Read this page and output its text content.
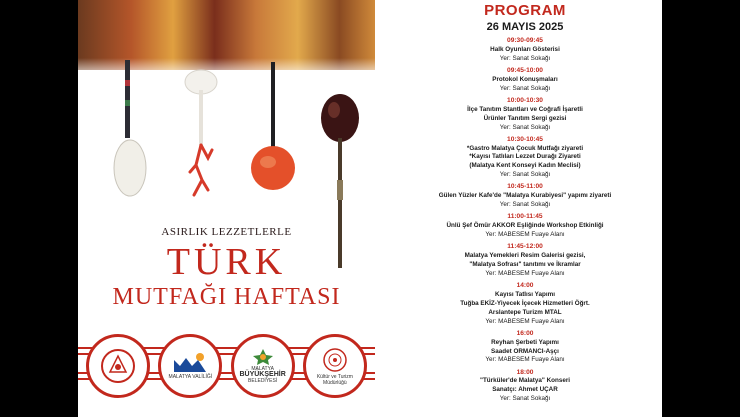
ASIRLIK LEZZETLERLE
TÜRK
MUTFAĞI HAFTASI
MALATYA VALİLİĞİ
MALATYA
BÜYÜKŞEHİR
BELEDİYESİ
Kültür ve Turizm Müdürlüğü
PROGRAM
26 MAYIS 2025
09:30-09:45
Halk Oyunları Gösterisi
Yer: Sanat Sokağı
09:45-10:00
Protokol Konuşmaları
Yer: Sanat Sokağı
10:00-10:30
İlçe Tanıtım Stantları ve Coğrafi İşaretli
Ürünler Tanıtım Sergi gezisi
Yer: Sanat Sokağı
10:30-10:45
*Gastro Malatya Çocuk Mutfağı ziyareti
*Kayısı Tatlıları Lezzet Durağı Ziyareti
(Malatya Kent Konseyi Kadın Meclisi)
Yer: Sanat Sokağı
10:45-11:00
Gülen Yüzler Kafe'de "Malatya Kurabiyesi" yapımı ziyareti
Yer: Sanat Sokağı
11:00-11:45
Ünlü Şef Ömür AKKOR Eşliğinde Workshop Etkinliği
Yer: MABESEM Fuaye Alanı
11:45-12:00
Malatya Yemekleri Resim Galerisi gezisi,
"Malatya Sofrası" tanıtımı ve İkramlar
Yer: MABESEM Fuaye Alanı
14:00
Kayısı Tatlısı Yapımı
Tuğba EKİZ-Yiyecek İçecek Hizmetleri Öğrt.
Arslantepe Turizm MTAL
Yer: MABESEM Fuaye Alanı
16:00
Reyhan Şerbeti Yapımı
Saadet ORMANCI-Aşçı
Yer: MABESEM Fuaye Alanı
18:00
"Türküler'de Malatya" Konseri
Sanatçı: Ahmet UÇAR
Yer: Sanat Sokağı
